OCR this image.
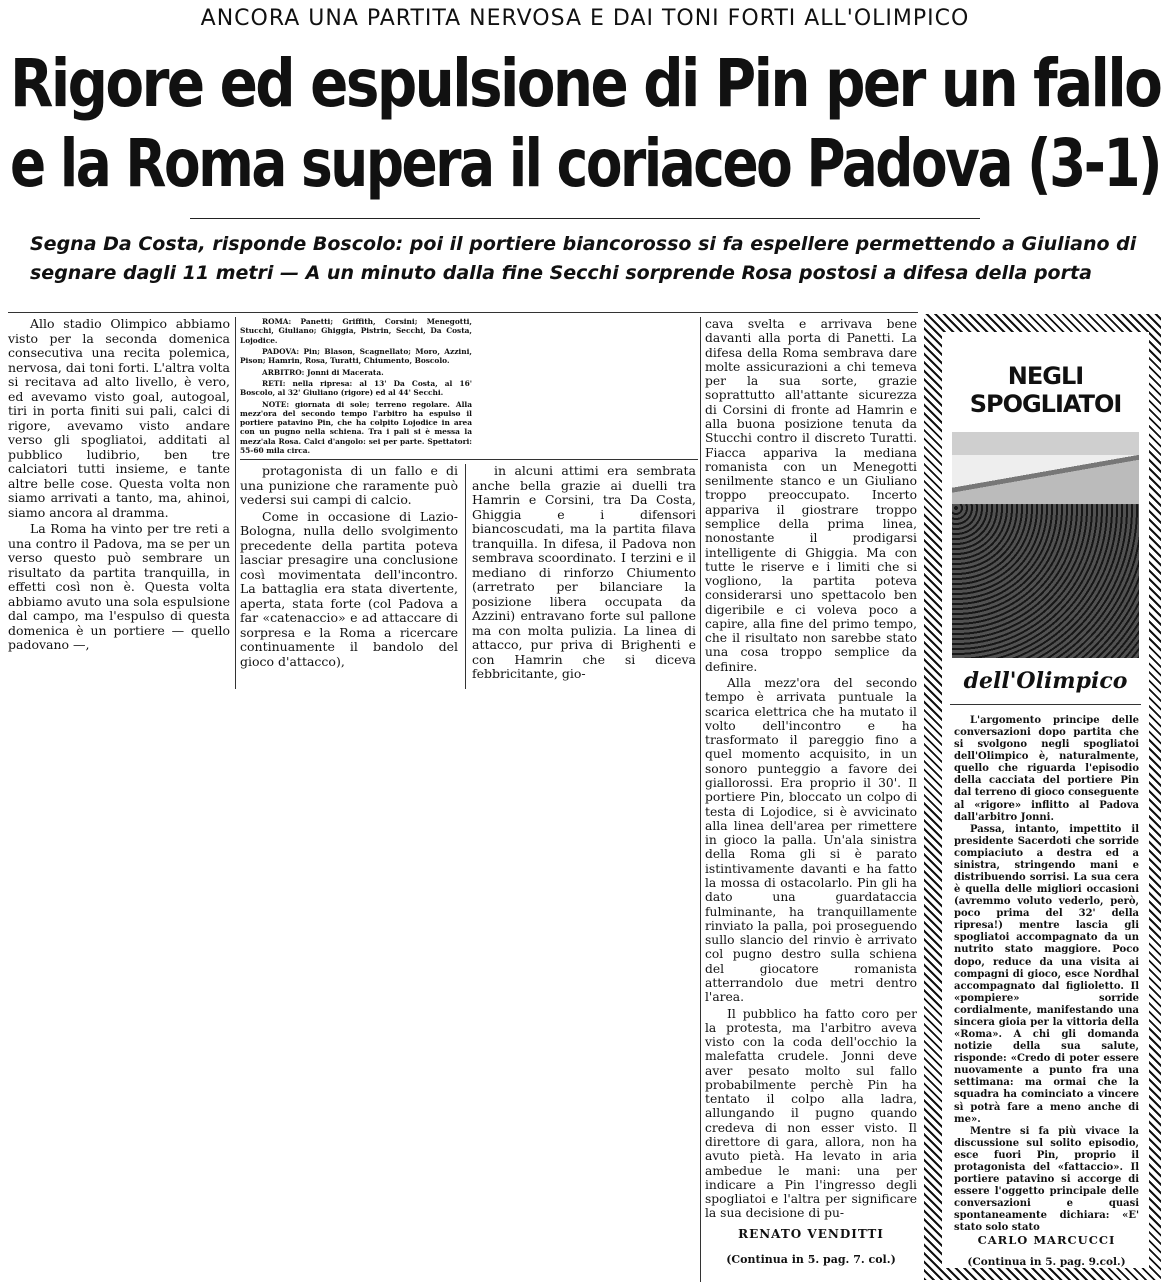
ANCORA UNA PARTITA NERVOSA E DAI TONI FORTI ALL'OLIMPICO
Rigore ed espulsione di Pin per un fallo
e la Roma supera il coriaceo Padova (3-1)
Segna Da Costa, risponde Boscolo: poi il portiere biancorosso si fa espellere permettendo a Giuliano di segnare dagli 11 metri — A un minuto dalla fine Secchi sorprende Rosa postosi a difesa della porta

Allo stadio Olimpico abbiamo visto per la seconda domenica consecutiva una recita polemica, nervosa, dai toni forti. L'altra volta si recitava ad alto livello, è vero, ed avevamo visto goal, autogoal, tiri in porta finiti sui pali, calci di rigore, avevamo visto andare verso gli spogliatoi, additati al pubblico ludibrio, ben tre calciatori tutti insieme, e tante altre belle cose. Questa volta non siamo arrivati a tanto, ma, ahinoi, siamo ancora al dramma.

La Roma ha vinto per tre reti a una contro il Padova, ma se per un verso questo può sembrare un risultato da partita tranquilla, in effetti così non è. Questa volta abbiamo avuto una sola espulsione dal campo, ma l'espulso di questa domenica è un portiere — quello padovano —,

ROMA: Panetti; Griffith, Corsini; Menegotti, Stucchi, Giuliano; Ghiggia, Pistrin, Secchi, Da Costa, Lojodice.

PADOVA: Pin; Blason, Scagnellato; Moro, Azzini, Pison; Hamrin, Rosa, Turatti, Chiumento, Boscolo.

ARBITRO: Jonni di Macerata.

RETI: nella ripresa: al 13' Da Costa, al 16' Boscolo, al 32' Giuliano (rigore) ed al 44' Secchi.

NOTE: giornata di sole; terreno regolare. Alla mezz'ora del secondo tempo l'arbitro ha espulso il portiere patavino Pin, che ha colpito Lojodice in area con un pugno nella schiena. Tra i pali si è messa la mezz'ala Rosa. Calci d'angolo: sei per parte. Spettatori: 55-60 mila circa.

protagonista di un fallo e di una punizione che raramente può vedersi sui campi di calcio.

Come in occasione di Lazio-Bologna, nulla dello svolgimento precedente della partita poteva lasciar presagire una conclusione così movimentata dell'incontro. La battaglia era stata divertente, aperta, stata forte (col Padova a far «catenaccio» e ad attaccare di sorpresa e la Roma a ricercare continuamente il bandolo del gioco d'attacco),

in alcuni attimi era sembrata anche bella grazie ai duelli tra Hamrin e Corsini, tra Da Costa, Ghiggia e i difensori biancoscudati, ma la partita filava tranquilla. In difesa, il Padova non sembrava scoordinato. I terzini e il mediano di rinforzo Chiumento (arretrato per bilanciare la posizione libera occupata da Azzini) entravano forte sul pallone ma con molta pulizia. La linea di attacco, pur priva di Brighenti e con Hamrin che si diceva febbricitante, gio-

cava svelta e arrivava bene davanti alla porta di Panetti. La difesa della Roma sembrava dare molte assicurazioni a chi temeva per la sua sorte, grazie soprattutto all'attante sicurezza di Corsini di fronte ad Hamrin e alla buona posizione tenuta da Stucchi contro il discreto Turatti. Fiacca appariva la mediana romanista con un Menegotti senilmente stanco e un Giuliano troppo preoccupato. Incerto appariva il giostrare troppo semplice della prima linea, nonostante il prodigarsi intelligente di Ghiggia. Ma con tutte le riserve e i limiti che si vogliono, la partita poteva considerarsi uno spettacolo ben digeribile e ci voleva poco a capire, alla fine del primo tempo, che il risultato non sarebbe stato una cosa troppo semplice da definire.

Alla mezz'ora del secondo tempo è arrivata puntuale la scarica elettrica che ha mutato il volto dell'incontro e ha trasformato il pareggio fino a quel momento acquisito, in un sonoro punteggio a favore dei giallorossi. Era proprio il 30'. Il portiere Pin, bloccato un colpo di testa di Lojodice, si è avvicinato alla linea dell'area per rimettere in gioco la palla. Un'ala sinistra della Roma gli si è parato istintivamente davanti e ha fatto la mossa di ostacolarlo. Pin gli ha dato una guardataccia fulminante, ha tranquillamente rinviato la palla, poi proseguendo sullo slancio del rinvio è arrivato col pugno destro sulla schiena del giocatore romanista atterrandolo due metri dentro l'area.

Il pubblico ha fatto coro per la protesta, ma l'arbitro aveva visto con la coda dell'occhio la malefatta crudele. Jonni deve aver pesato molto sul fallo probabilmente perchè Pin ha tentato il colpo alla ladra, allungando il pugno quando credeva di non esser visto. Il direttore di gara, allora, non ha avuto pietà. Ha levato in aria ambedue le mani: una per indicare a Pin l'ingresso degli spogliatoi e l'altra per significare la sua decisione di pu-

RENATO VENDITTI
(Continua in 5. pag. 7. col.)
NEGLI SPOGLIATOI
dell'Olimpico

L'argomento principe delle conversazioni dopo partita che si svolgono negli spogliatoi dell'Olimpico è, naturalmente, quello che riguarda l'episodio della cacciata del portiere Pin dal terreno di gioco conseguente al «rigore» inflitto al Padova dall'arbitro Jonni.

Passa, intanto, impettito il presidente Sacerdoti che sorride compiaciuto a destra ed a sinistra, stringendo mani e distribuendo sorrisi. La sua cera è quella delle migliori occasioni (avremmo voluto vederlo, però, poco prima del 32' della ripresa!) mentre lascia gli spogliatoi accompagnato da un nutrito stato maggiore. Poco dopo, reduce da una visita ai compagni di gioco, esce Nordhal accompagnato dal figlioletto. Il «pompiere» sorride cordialmente, manifestando una sincera gioia per la vittoria della «Roma». A chi gli domanda notizie della sua salute, risponde: «Credo di poter essere nuovamente a punto fra una settimana: ma ormai che la squadra ha cominciato a vincere sì potrà fare a meno anche di me».

Mentre si fa più vivace la discussione sul solito episodio, esce fuori Pin, proprio il protagonista del «fattaccio». Il portiere patavino si accorge di essere l'oggetto principale delle conversazioni e quasi spontaneamente dichiara: «E' stato solo stato

CARLO MARCUCCI
(Continua in 5. pag. 9.col.)
